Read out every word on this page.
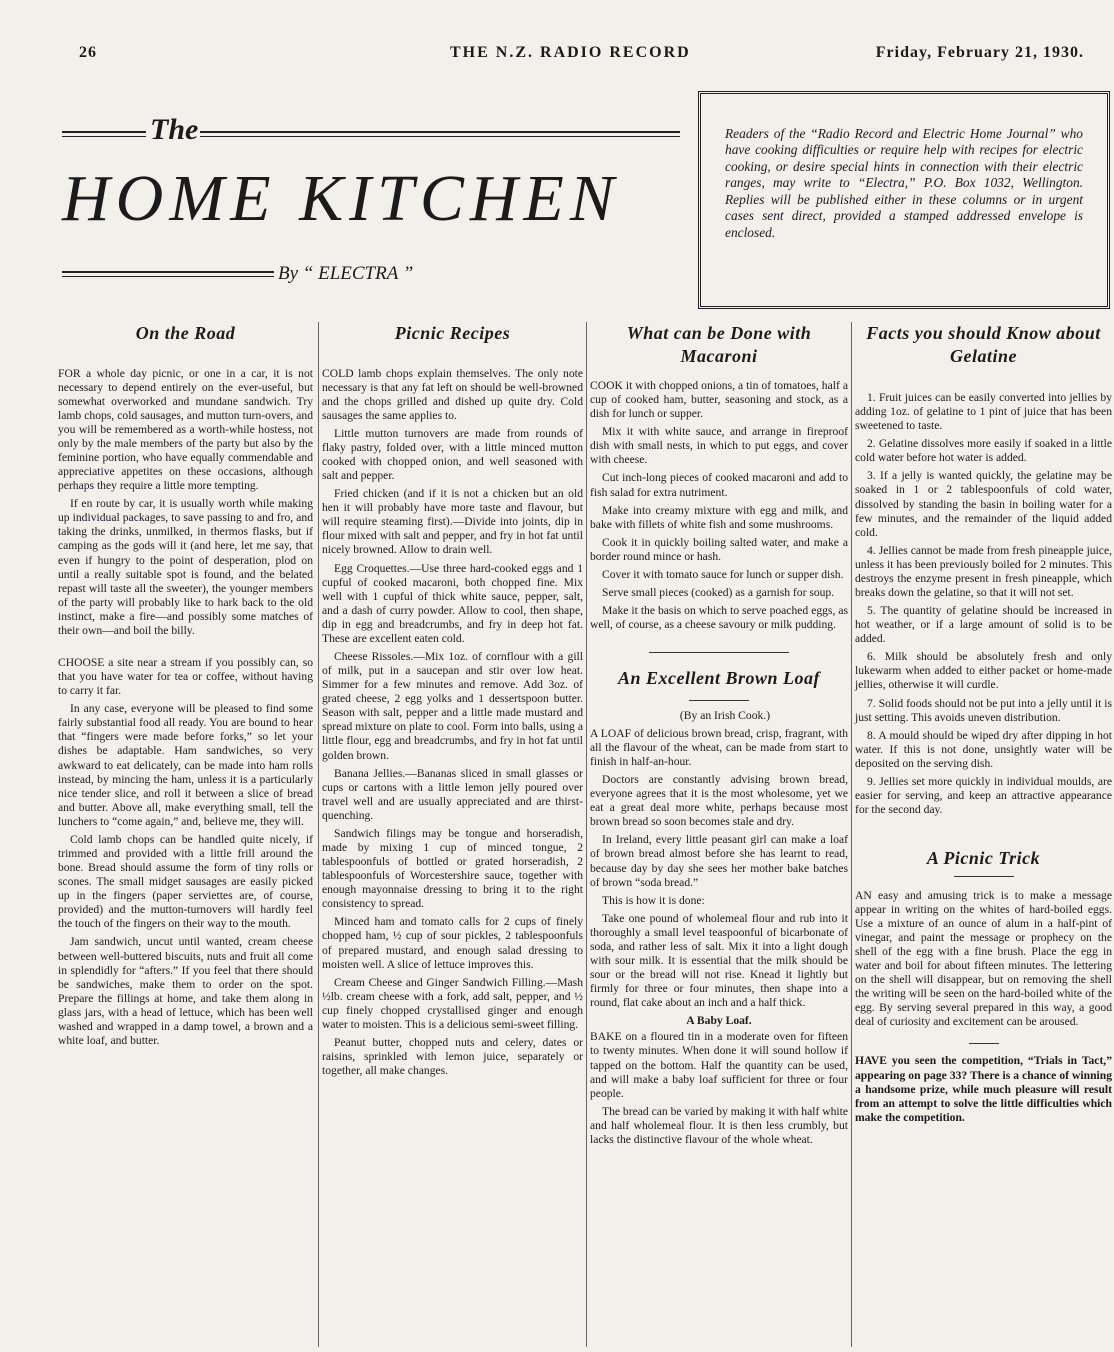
26	THE N.Z. RADIO RECORD	Friday, February 21, 1930.
The
HOME KITCHEN
By “ ELECTRA ”

Readers of the “Radio Record and Electric Home Journal” who have cooking difficulties or require help with recipes for electric cooking, or desire special hints in connection with their electric ranges, may write to “Electra,” P.O. Box 1032, Wellington. Replies will be published either in these columns or in urgent cases sent direct, provided a stamped addressed envelope is enclosed.

On the Road

FOR a whole day picnic, or one in a car, it is not necessary to depend entirely on the ever-useful, but somewhat overworked and mundane sandwich. Try lamb chops, cold sausages, and mutton turn-overs, and you will be remembered as a worth-while hostess, not only by the male members of the party but also by the feminine portion, who have equally commendable and appreciative appetites on these occasions, although perhaps they require a little more tempting.

If en route by car, it is usually worth while making up individual packages, to save passing to and fro, and taking the drinks, unmilked, in thermos flasks, but if camping as the gods will it (and here, let me say, that even if hungry to the point of desperation, plod on until a really suitable spot is found, and the belated repast will taste all the sweeter), the younger members of the party will probably like to hark back to the old instinct, make a fire—and possibly some matches of their own—and boil the billy.

CHOOSE a site near a stream if you possibly can, so that you have water for tea or coffee, without having to carry it far.

In any case, everyone will be pleased to find some fairly substantial food all ready. You are bound to hear that “fingers were made before forks,” so let your dishes be adaptable. Ham sandwiches, so very awkward to eat delicately, can be made into ham rolls instead, by mincing the ham, unless it is a particularly nice tender slice, and roll it between a slice of bread and butter. Above all, make everything small, tell the lunchers to “come again,” and, believe me, they will.

Cold lamb chops can be handled quite nicely, if trimmed and provided with a little frill around the bone. Bread should assume the form of tiny rolls or scones. The small midget sausages are easily picked up in the fingers (paper serviettes are, of course, provided) and the mutton-turnovers will hardly feel the touch of the fingers on their way to the mouth.

Jam sandwich, uncut until wanted, cream cheese between well-buttered biscuits, nuts and fruit all come in splendidly for “afters.” If you feel that there should be sandwiches, make them to order on the spot. Prepare the fillings at home, and take them along in glass jars, with a head of lettuce, which has been well washed and wrapped in a damp towel, a brown and a white loaf, and butter.

Picnic Recipes

COLD lamb chops explain themselves. The only note necessary is that any fat left on should be well-browned and the chops grilled and dished up quite dry. Cold sausages the same applies to.

Little mutton turnovers are made from rounds of flaky pastry, folded over, with a little minced mutton cooked with chopped onion, and well seasoned with salt and pepper.

Fried chicken (and if it is not a chicken but an old hen it will probably have more taste and flavour, but will require steaming first).—Divide into joints, dip in flour mixed with salt and pepper, and fry in hot fat until nicely browned. Allow to drain well.

Egg Croquettes.—Use three hard-cooked eggs and 1 cupful of cooked macaroni, both chopped fine. Mix well with 1 cupful of thick white sauce, pepper, salt, and a dash of curry powder. Allow to cool, then shape, dip in egg and breadcrumbs, and fry in deep hot fat. These are excellent eaten cold.

Cheese Rissoles.—Mix 1oz. of cornflour with a gill of milk, put in a saucepan and stir over low heat. Simmer for a few minutes and remove. Add 3oz. of grated cheese, 2 egg yolks and 1 dessertspoon butter. Season with salt, pepper and a little made mustard and spread mixture on plate to cool. Form into balls, using a little flour, egg and breadcrumbs, and fry in hot fat until golden brown.

Banana Jellies.—Bananas sliced in small glasses or cups or cartons with a little lemon jelly poured over travel well and are usually appreciated and are thirst-quenching.

Sandwich filings may be tongue and horseradish, made by mixing 1 cup of minced tongue, 2 tablespoonfuls of bottled or grated horseradish, 2 tablespoonfuls of Worcestershire sauce, together with enough mayonnaise dressing to bring it to the right consistency to spread.

Minced ham and tomato calls for 2 cups of finely chopped ham, ½ cup of sour pickles, 2 tablespoonfuls of prepared mustard, and enough salad dressing to moisten well. A slice of lettuce improves this.

Cream Cheese and Ginger Sandwich Filling.—Mash ½lb. cream cheese with a fork, add salt, pepper, and ½ cup finely chopped crystallised ginger and enough water to moisten. This is a delicious semi-sweet filling.

Peanut butter, chopped nuts and celery, dates or raisins, sprinkled with lemon juice, separately or together, all make changes.

What can be Done with Macaroni

COOK it with chopped onions, a tin of tomatoes, half a cup of cooked ham, butter, seasoning and stock, as a dish for lunch or supper.

Mix it with white sauce, and arrange in fireproof dish with small nests, in which to put eggs, and cover with cheese.

Cut inch-long pieces of cooked macaroni and add to fish salad for extra nutriment.

Make into creamy mixture with egg and milk, and bake with fillets of white fish and some mushrooms.

Cook it in quickly boiling salted water, and make a border round mince or hash.

Cover it with tomato sauce for lunch or supper dish.

Serve small pieces (cooked) as a garnish for soup.

Make it the basis on which to serve poached eggs, as well, of course, as a cheese savoury or milk pudding.

An Excellent Brown Loaf

(By an Irish Cook.)

A LOAF of delicious brown bread, crisp, fragrant, with all the flavour of the wheat, can be made from start to finish in half-an-hour.

Doctors are constantly advising brown bread, everyone agrees that it is the most wholesome, yet we eat a great deal more white, perhaps because most brown bread so soon becomes stale and dry.

In Ireland, every little peasant girl can make a loaf of brown bread almost before she has learnt to read, because day by day she sees her mother bake batches of brown “soda bread.”

This is how it is done:

Take one pound of wholemeal flour and rub into it thoroughly a small level teaspoonful of bicarbonate of soda, and rather less of salt. Mix it into a light dough with sour milk. It is essential that the milk should be sour or the bread will not rise. Knead it lightly but firmly for three or four minutes, then shape into a round, flat cake about an inch and a half thick.

A Baby Loaf.

BAKE on a floured tin in a moderate oven for fifteen to twenty minutes. When done it will sound hollow if tapped on the bottom. Half the quantity can be used, and will make a baby loaf sufficient for three or four people.

The bread can be varied by making it with half white and half wholemeal flour. It is then less crumbly, but lacks the distinctive flavour of the whole wheat.

Facts you should Know about Gelatine

1. Fruit juices can be easily converted into jellies by adding 1oz. of gelatine to 1 pint of juice that has been sweetened to taste.

2. Gelatine dissolves more easily if soaked in a little cold water before hot water is added.

3. If a jelly is wanted quickly, the gelatine may be soaked in 1 or 2 tablespoonfuls of cold water, dissolved by standing the basin in boiling water for a few minutes, and the remainder of the liquid added cold.

4. Jellies cannot be made from fresh pineapple juice, unless it has been previously boiled for 2 minutes. This destroys the enzyme present in fresh pineapple, which breaks down the gelatine, so that it will not set.

5. The quantity of gelatine should be increased in hot weather, or if a large amount of solid is to be added.

6. Milk should be absolutely fresh and only lukewarm when added to either packet or home-made jellies, otherwise it will curdle.

7. Solid foods should not be put into a jelly until it is just setting. This avoids uneven distribution.

8. A mould should be wiped dry after dipping in hot water. If this is not done, unsightly water will be deposited on the serving dish.

9. Jellies set more quickly in individual moulds, are easier for serving, and keep an attractive appearance for the second day.

A Picnic Trick

AN easy and amusing trick is to make a message appear in writing on the whites of hard-boiled eggs. Use a mixture of an ounce of alum in a half-pint of vinegar, and paint the message or prophecy on the shell of the egg with a fine brush. Place the egg in water and boil for about fifteen minutes. The lettering on the shell will disappear, but on removing the shell the writing will be seen on the hard-boiled white of the egg. By serving several prepared in this way, a good deal of curiosity and excitement can be aroused.

HAVE you seen the competition, “Trials in Tact,” appearing on page 33? There is a chance of winning a handsome prize, while much pleasure will result from an attempt to solve the little difficulties which make the competition.
